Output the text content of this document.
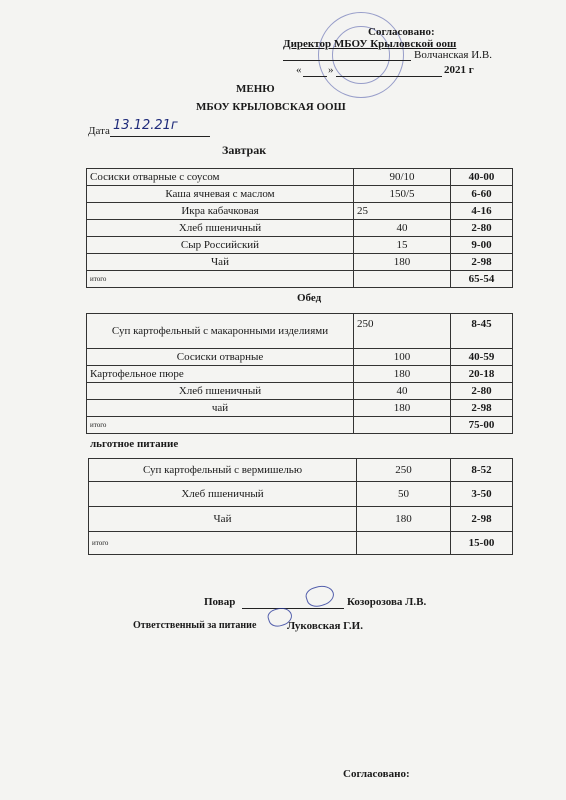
Согласовано:
Директор МБОУ Крыловской оош
Волчанская И.В.
« »	2021 г
МЕНЮ
МБОУ КРЫЛОВСКАЯ ООШ
Дата 13.12.21г
Завтрак
Сосиски отварные с соусом	90/10	40-00
Каша ячневая с маслом	150/5	6-60
Икра кабачковая	25	4-16
Хлеб пшеничный	40	2-80
Сыр Российский	15	9-00
Чай	180	2-98
итого		65-54
Обед
Суп картофельный с макаронными изделиями	250	8-45
Сосиски отварные	100	40-59
Картофельное пюре	180	20-18
Хлеб пшеничный	40	2-80
чай	180	2-98
итого		75-00
льготное питание
Суп картофельный с вермишелью	250	8-52
Хлеб пшеничный	50	3-50
Чай	180	2-98
итого		15-00
Повар	Козорозова Л.В.
Ответственный за питание	Луковская Г.И.
Согласовано:
